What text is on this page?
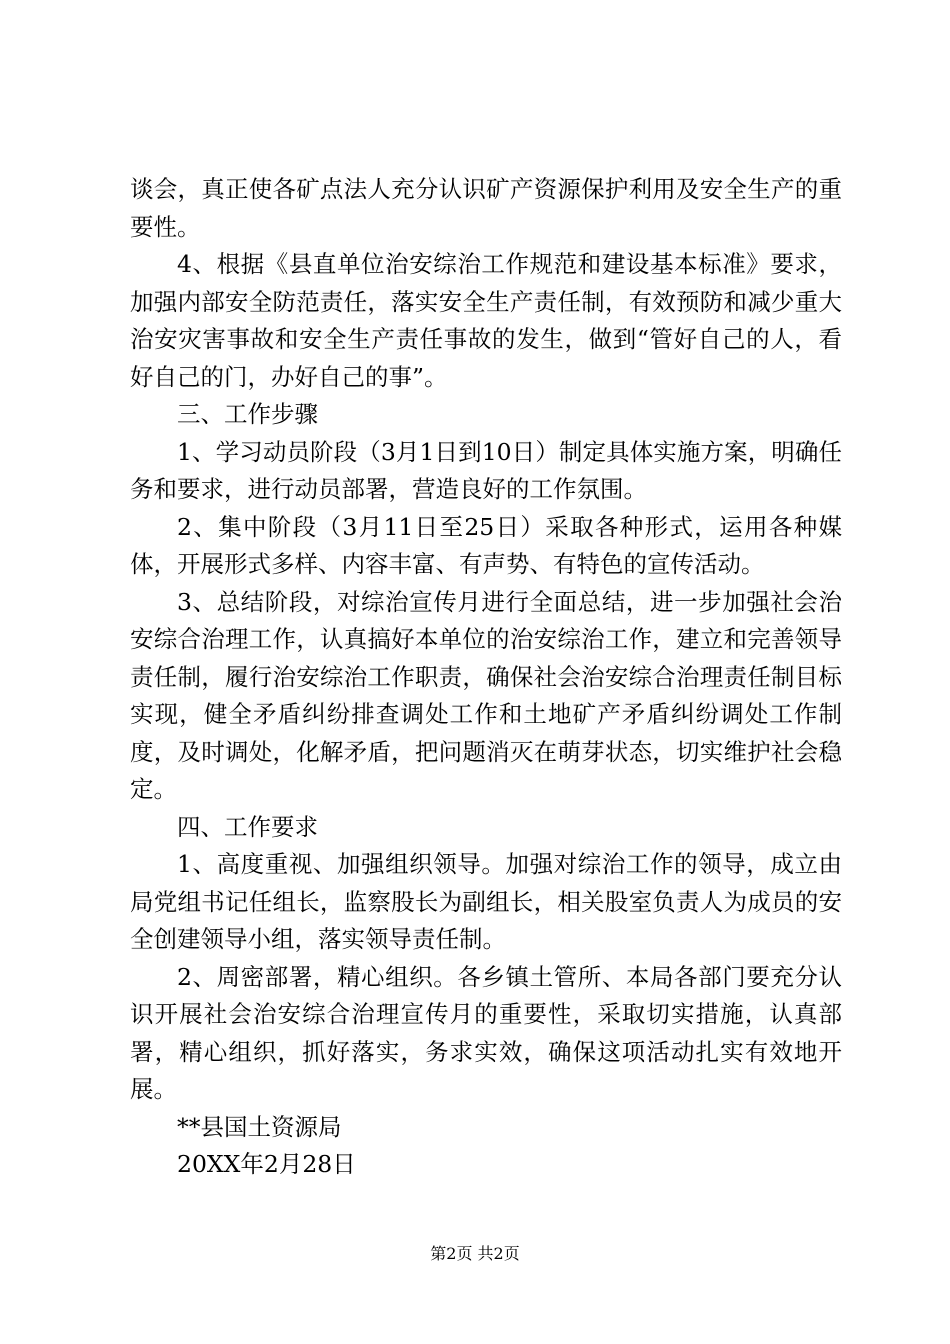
谈会，真正使各矿点法人充分认识矿产资源保护利用及安全生产的重要性。

4、根据《县直单位治安综治工作规范和建设基本标准》要求，加强内部安全防范责任，落实安全生产责任制，有效预防和减少重大治安灾害事故和安全生产责任事故的发生，做到“管好自己的人，看好自己的门，办好自己的事”。

三、工作步骤

1、学习动员阶段（3月1日到10日）制定具体实施方案，明确任务和要求，进行动员部署，营造良好的工作氛围。

2、集中阶段（3月11日至25日）采取各种形式，运用各种媒体，开展形式多样、内容丰富、有声势、有特色的宣传活动。

3、总结阶段，对综治宣传月进行全面总结，进一步加强社会治安综合治理工作，认真搞好本单位的治安综治工作，建立和完善领导责任制，履行治安综治工作职责，确保社会治安综合治理责任制目标实现，健全矛盾纠纷排查调处工作和土地矿产矛盾纠纷调处工作制度，及时调处，化解矛盾，把问题消灭在萌芽状态，切实维护社会稳定。

四、工作要求

1、高度重视、加强组织领导。加强对综治工作的领导，成立由局党组书记任组长，监察股长为副组长，相关股室负责人为成员的安全创建领导小组，落实领导责任制。

2、周密部署，精心组织。各乡镇土管所、本局各部门要充分认识开展社会治安综合治理宣传月的重要性，采取切实措施，认真部署，精心组织，抓好落实，务求实效，确保这项活动扎实有效地开展。

**县国土资源局

20XX年2月28日

第2页 共2页
